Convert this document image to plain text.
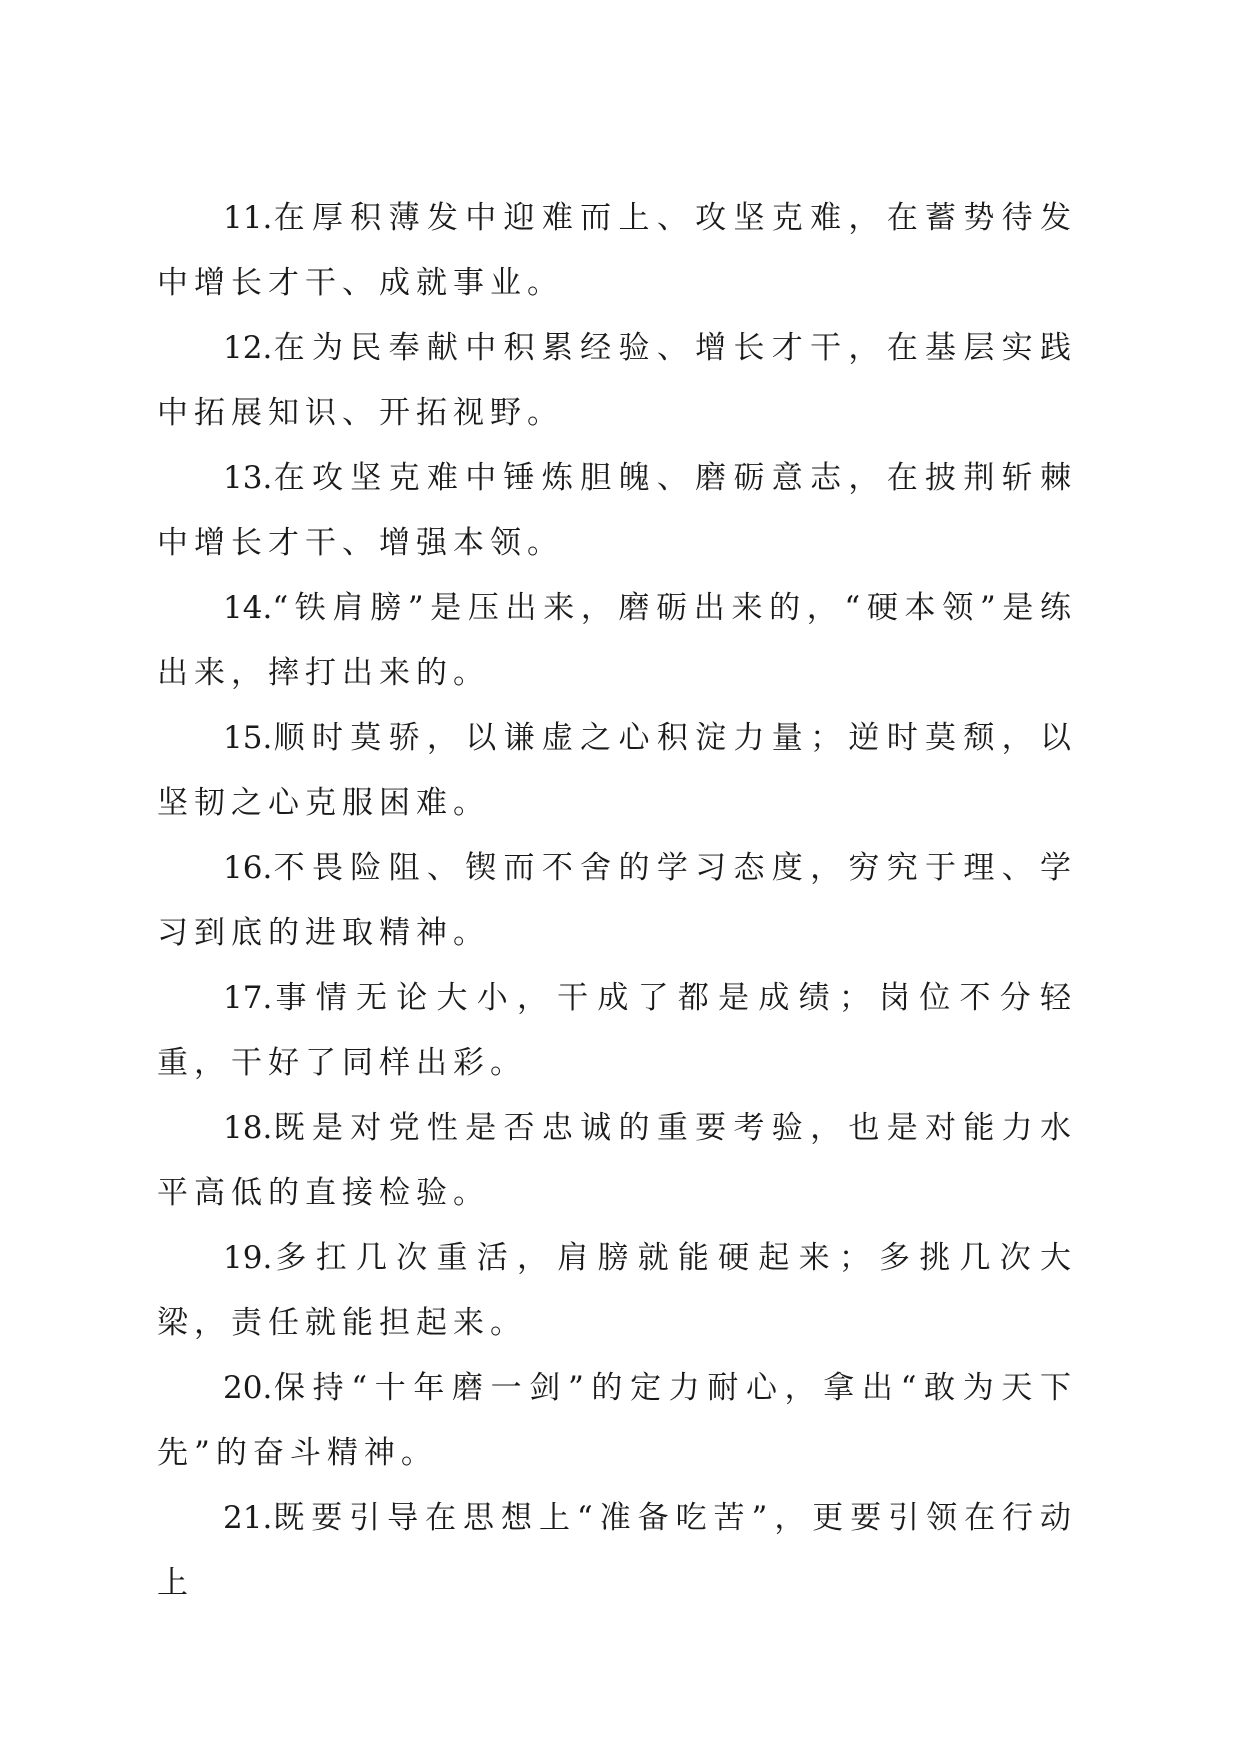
11.在厚积薄发中迎难而上、攻坚克难，在蓄势待发中增长才干、成就事业。

12.在为民奉献中积累经验、增长才干，在基层实践中拓展知识、开拓视野。

13.在攻坚克难中锤炼胆魄、磨砺意志，在披荆斩棘中增长才干、增强本领。

14.“铁肩膀”是压出来，磨砺出来的，“硬本领”是练出来，摔打出来的。

15.顺时莫骄，以谦虚之心积淀力量；逆时莫颓，以坚韧之心克服困难。

16.不畏险阻、锲而不舍的学习态度，穷究于理、学习到底的进取精神。

17.事情无论大小，干成了都是成绩；岗位不分轻重，干好了同样出彩。

18.既是对党性是否忠诚的重要考验，也是对能力水平高低的直接检验。

19.多扛几次重活，肩膀就能硬起来；多挑几次大梁，责任就能担起来。

20.保持“十年磨一剑”的定力耐心，拿出“敢为天下先”的奋斗精神。

21.既要引导在思想上“准备吃苦”，更要引领在行动上
